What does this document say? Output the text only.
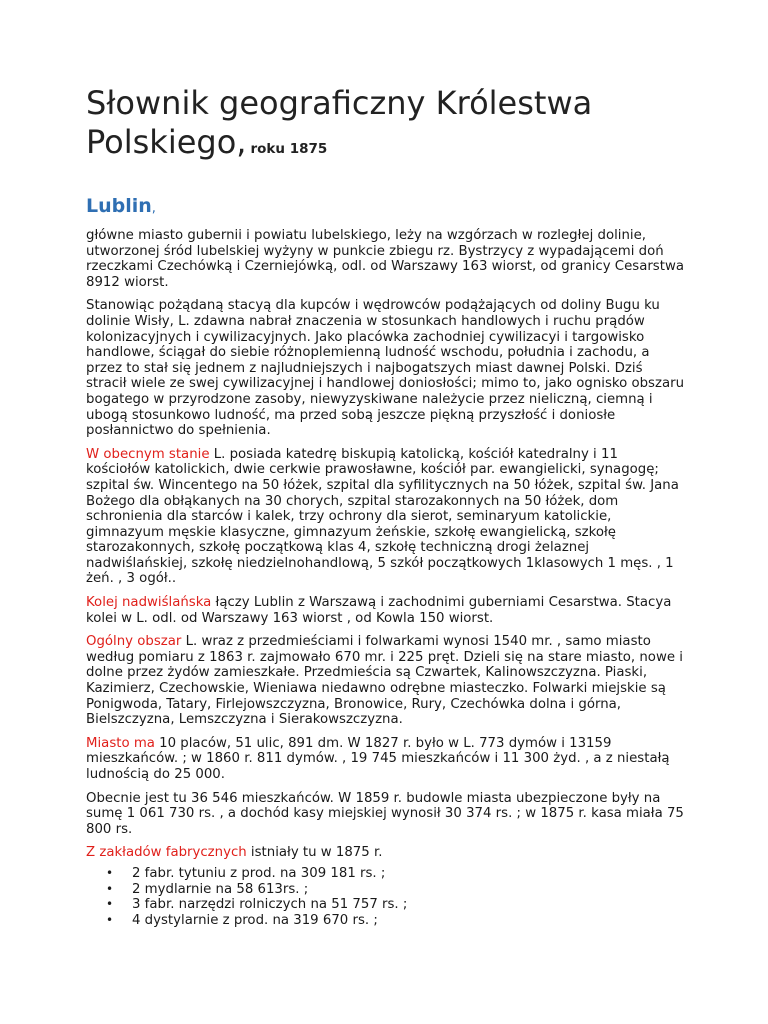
Słownik geograficzny Królestwa Polskiego, roku 1875
Lublin,

główne miasto gubernii i powiatu lubelskiego, leży na wzgórzach w rozległej dolinie, utworzonej śród lubelskiej wyżyny w punkcie zbiegu rz. Bystrzycy z wypadającemi doń rzeczkami Czechówką i Czerniejówką, odl. od Warszawy 163 wiorst, od granicy Cesarstwa 8912 wiorst.

Stanowiąc pożądaną stacyą dla kupców i wędrowców podążających od doliny Bugu ku dolinie Wisły, L. zdawna nabrał znaczenia w stosunkach handlowych i ruchu prądów kolonizacyjnych i cywilizacyjnych. Jako placówka zachodniej cywilizacyi i targowisko handlowe, ściągał do siebie różnoplemienną ludność wschodu, południa i zachodu, a przez to stał się jednem z najludniejszych i najbogatszych miast dawnej Polski. Dziś stracił wiele ze swej cywilizacyjnej i handlowej doniosłości; mimo to, jako ognisko obszaru bogatego w przyrodzone zasoby, niewyzyskiwane należycie przez nieliczną, ciemną i ubogą stosunkowo ludność, ma przed sobą jeszcze piękną przyszłość i doniosłe posłannictwo do spełnienia.

W obecnym stanie L. posiada katedrę biskupią katolicką, kościół katedralny i 11 kościołów katolickich, dwie cerkwie prawosławne, kościół par. ewangielicki, synagogę; szpital św. Wincentego na 50 łóżek, szpital dla syfilitycznych na 50 łóżek, szpital św. Jana Bożego dla obłąkanych na 30 chorych, szpital starozakonnych na 50 łóżek, dom schronienia dla starców i kalek, trzy ochrony dla sierot, seminaryum katolickie, gimnazyum męskie klasyczne, gimnazyum żeńskie, szkołę ewangielicką, szkołę starozakonnych, szkołę początkową klas 4, szkołę techniczną drogi żelaznej nadwiślańskiej, szkołę niedzielnohandlową, 5 szkół początkowych 1klasowych 1 męs. , 1 żeń. , 3 ogół..

Kolej nadwiślańska łączy Lublin z Warszawą i zachodnimi guberniami Cesarstwa. Stacya kolei w L. odl. od Warszawy 163 wiorst , od Kowla 150 wiorst.

Ogólny obszar L. wraz z przedmieściami i folwarkami wynosi 1540 mr. , samo miasto według pomiaru z 1863 r. zajmowało 670 mr. i 225 pręt. Dzieli się na stare miasto, nowe i dolne przez żydów zamieszkałe. Przedmieścia są Czwartek, Kalinowszczyzna. Piaski, Kazimierz, Czechowskie, Wieniawa niedawno odrębne miasteczko. Folwarki miejskie są Ponigwoda, Tatary, Firlejowszczyzna, Bronowice, Rury, Czechówka dolna i górna, Bielszczyzna, Lemszczyzna i Sierakowszczyzna.

Miasto ma 10 placów, 51 ulic, 891 dm. W 1827 r. było w L. 773 dymów i 13159 mieszkańców. ; w 1860 r. 811 dymów. , 19 745 mieszkańców i 11 300 żyd. , a z niestałą ludnością do 25 000.

Obecnie jest tu 36 546 mieszkańców. W 1859 r. budowle miasta ubezpieczone były na sumę 1 061 730 rs. , a dochód kasy miejskiej wynosił 30 374 rs. ; w 1875 r. kasa miała 75 800 rs.

Z zakładów fabrycznych istniały tu w 1875 r.

• 2 fabr. tytuniu z prod. na 309 181 rs. ;
• 2 mydlarnie na 58 613rs. ;
• 3 fabr. narzędzi rolniczych na 51 757 rs. ;
• 4 dystylarnie z prod. na 319 670 rs. ;
